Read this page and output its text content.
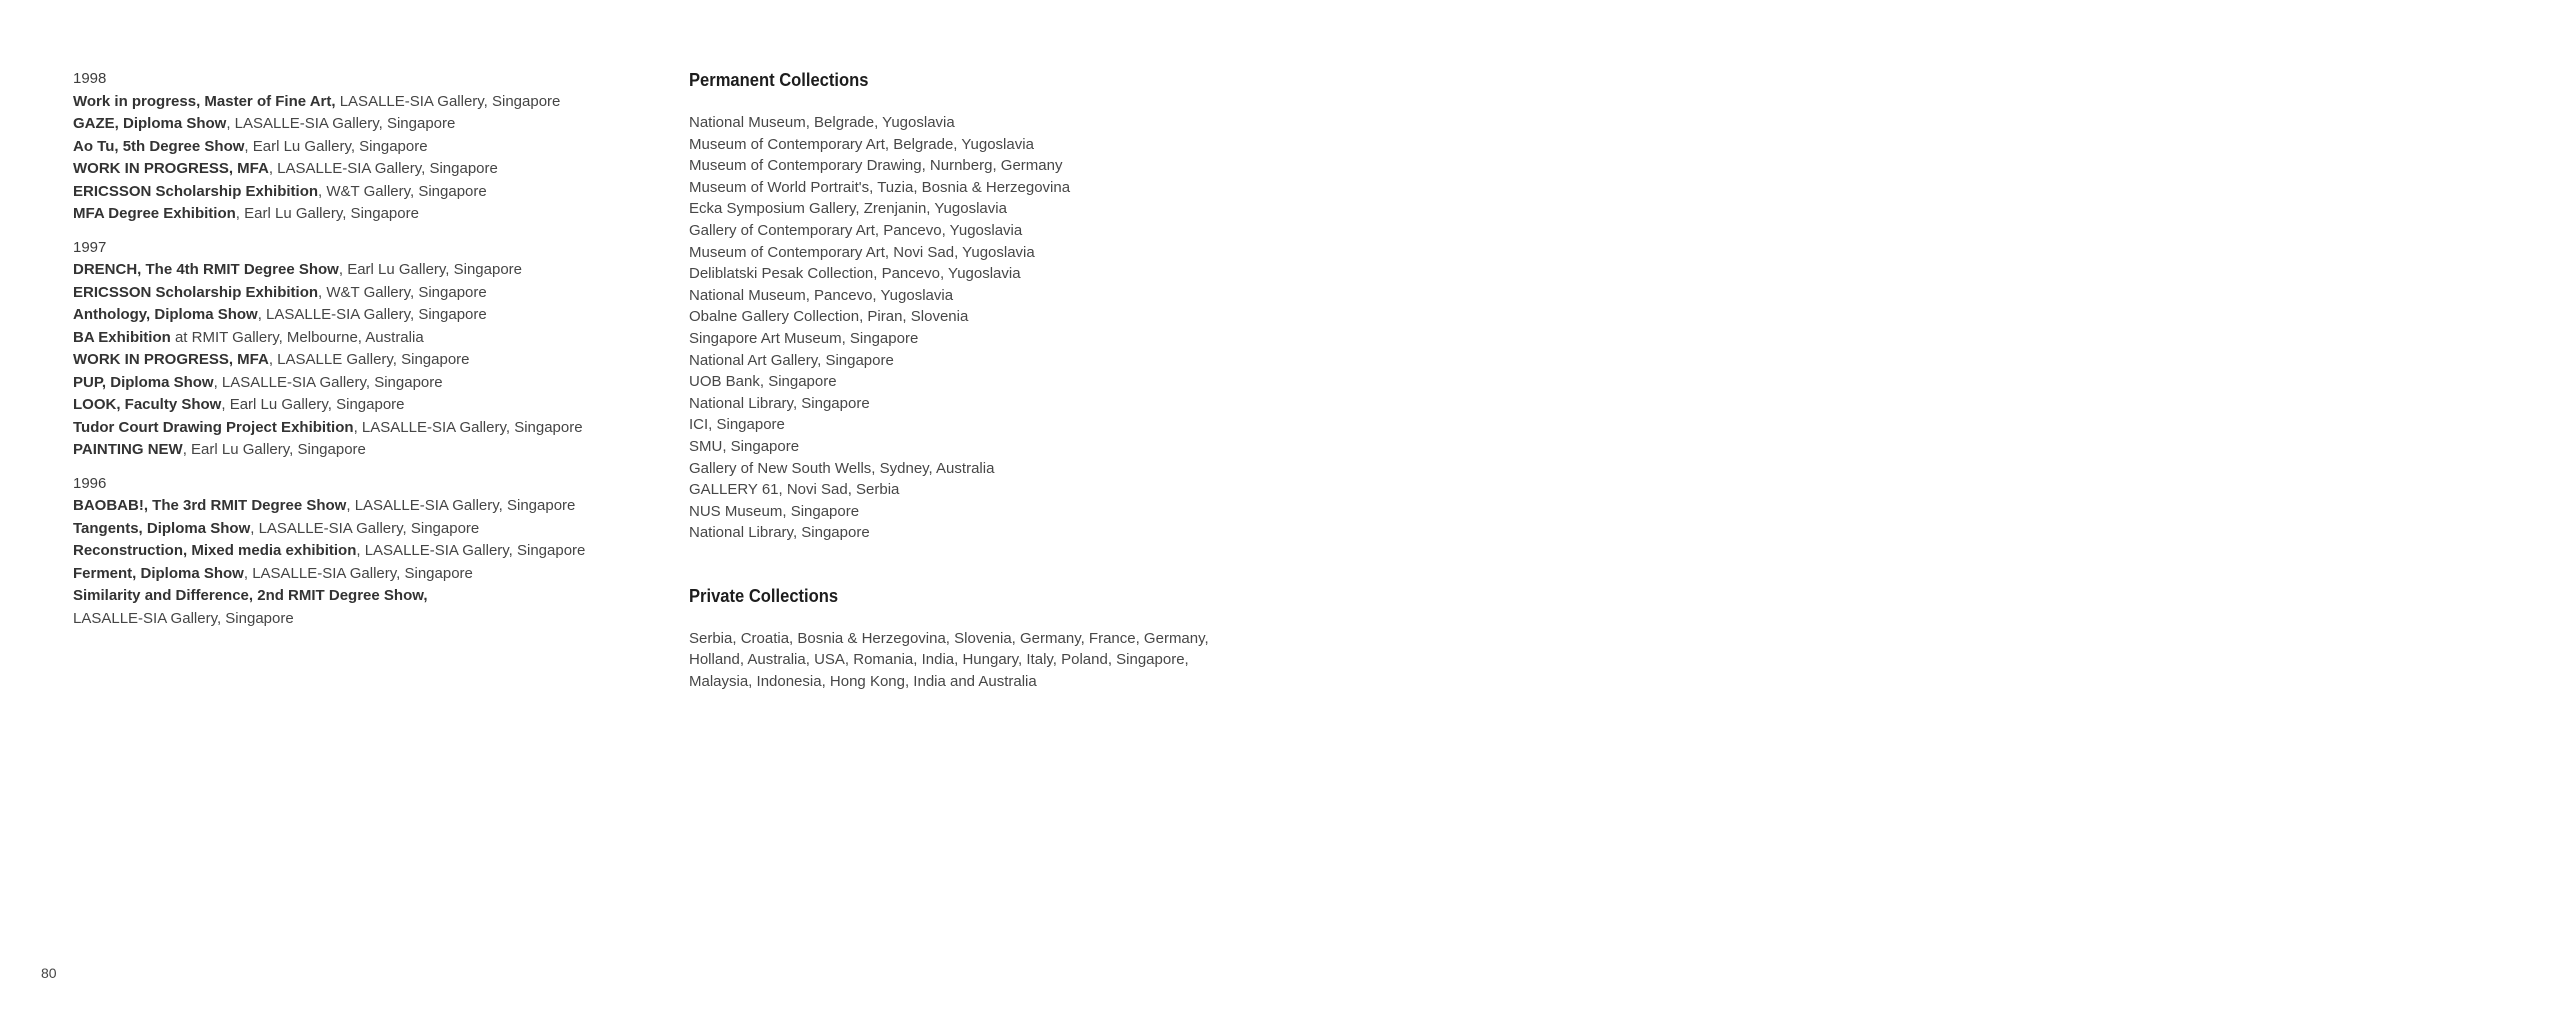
1998
Work in progress, Master of Fine Art, LASALLE-SIA Gallery, Singapore
GAZE, Diploma Show, LASALLE-SIA Gallery, Singapore
Ao Tu, 5th Degree Show, Earl Lu Gallery, Singapore
WORK IN PROGRESS, MFA, LASALLE-SIA Gallery, Singapore
ERICSSON Scholarship Exhibition, W&T Gallery, Singapore
MFA Degree Exhibition, Earl Lu Gallery, Singapore
1997
DRENCH, The 4th RMIT Degree Show, Earl Lu Gallery, Singapore
ERICSSON Scholarship Exhibition, W&T Gallery, Singapore
Anthology, Diploma Show, LASALLE-SIA Gallery, Singapore
BA Exhibition at RMIT Gallery, Melbourne, Australia
WORK IN PROGRESS, MFA, LASALLE Gallery, Singapore
PUP, Diploma Show, LASALLE-SIA Gallery, Singapore
LOOK, Faculty Show, Earl Lu Gallery, Singapore
Tudor Court Drawing Project Exhibition, LASALLE-SIA Gallery, Singapore
PAINTING NEW, Earl Lu Gallery, Singapore
1996
BAOBAB!, The 3rd RMIT Degree Show, LASALLE-SIA Gallery, Singapore
Tangents, Diploma Show, LASALLE-SIA Gallery, Singapore
Reconstruction, Mixed media exhibition, LASALLE-SIA Gallery, Singapore
Ferment, Diploma Show, LASALLE-SIA Gallery, Singapore
Similarity and Difference, 2nd RMIT Degree Show,
LASALLE-SIA Gallery, Singapore
Permanent Collections
National Museum, Belgrade, Yugoslavia
Museum of Contemporary Art, Belgrade, Yugoslavia
Museum of Contemporary Drawing, Nurnberg, Germany
Museum of World Portrait's, Tuzia, Bosnia & Herzegovina
Ecka Symposium Gallery, Zrenjanin, Yugoslavia
Gallery of Contemporary Art, Pancevo, Yugoslavia
Museum of Contemporary Art, Novi Sad, Yugoslavia
Deliblatski Pesak Collection, Pancevo, Yugoslavia
National Museum, Pancevo, Yugoslavia
Obalne Gallery Collection, Piran, Slovenia
Singapore Art Museum, Singapore
National Art Gallery, Singapore
UOB Bank, Singapore
National Library, Singapore
ICI, Singapore
SMU, Singapore
Gallery of New South Wells, Sydney, Australia
GALLERY 61, Novi Sad, Serbia
NUS Museum, Singapore
National Library, Singapore
Private Collections
Serbia, Croatia, Bosnia & Herzegovina, Slovenia, Germany, France, Germany, Holland, Australia, USA, Romania, India, Hungary, Italy, Poland, Singapore, Malaysia, Indonesia, Hong Kong, India and Australia
80
